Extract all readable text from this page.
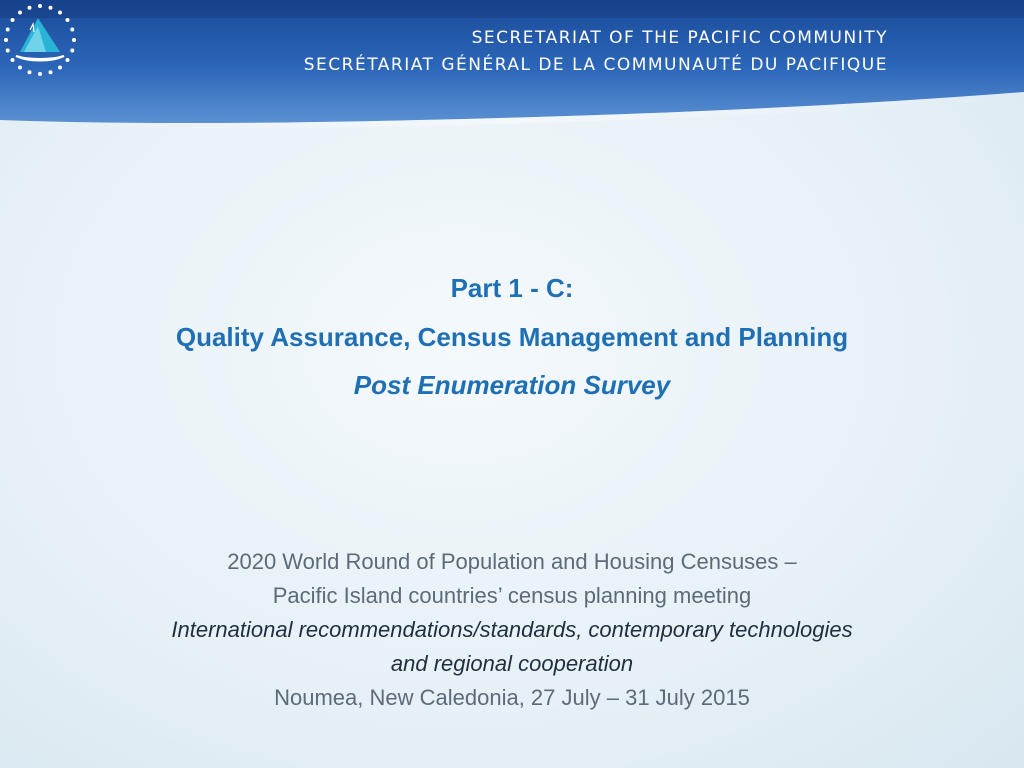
SECRETARIAT OF THE PACIFIC COMMUNITY
SECRÉTARIAT GÉNÉRAL DE LA COMMUNAUTÉ DU PACIFIQUE
Part 1 - C:
Quality Assurance, Census Management and Planning
Post Enumeration Survey
2020 World Round of Population and Housing Censuses –
Pacific Island countries’ census planning meeting
International recommendations/standards, contemporary technologies
and regional cooperation
Noumea, New Caledonia, 27 July – 31 July 2015
